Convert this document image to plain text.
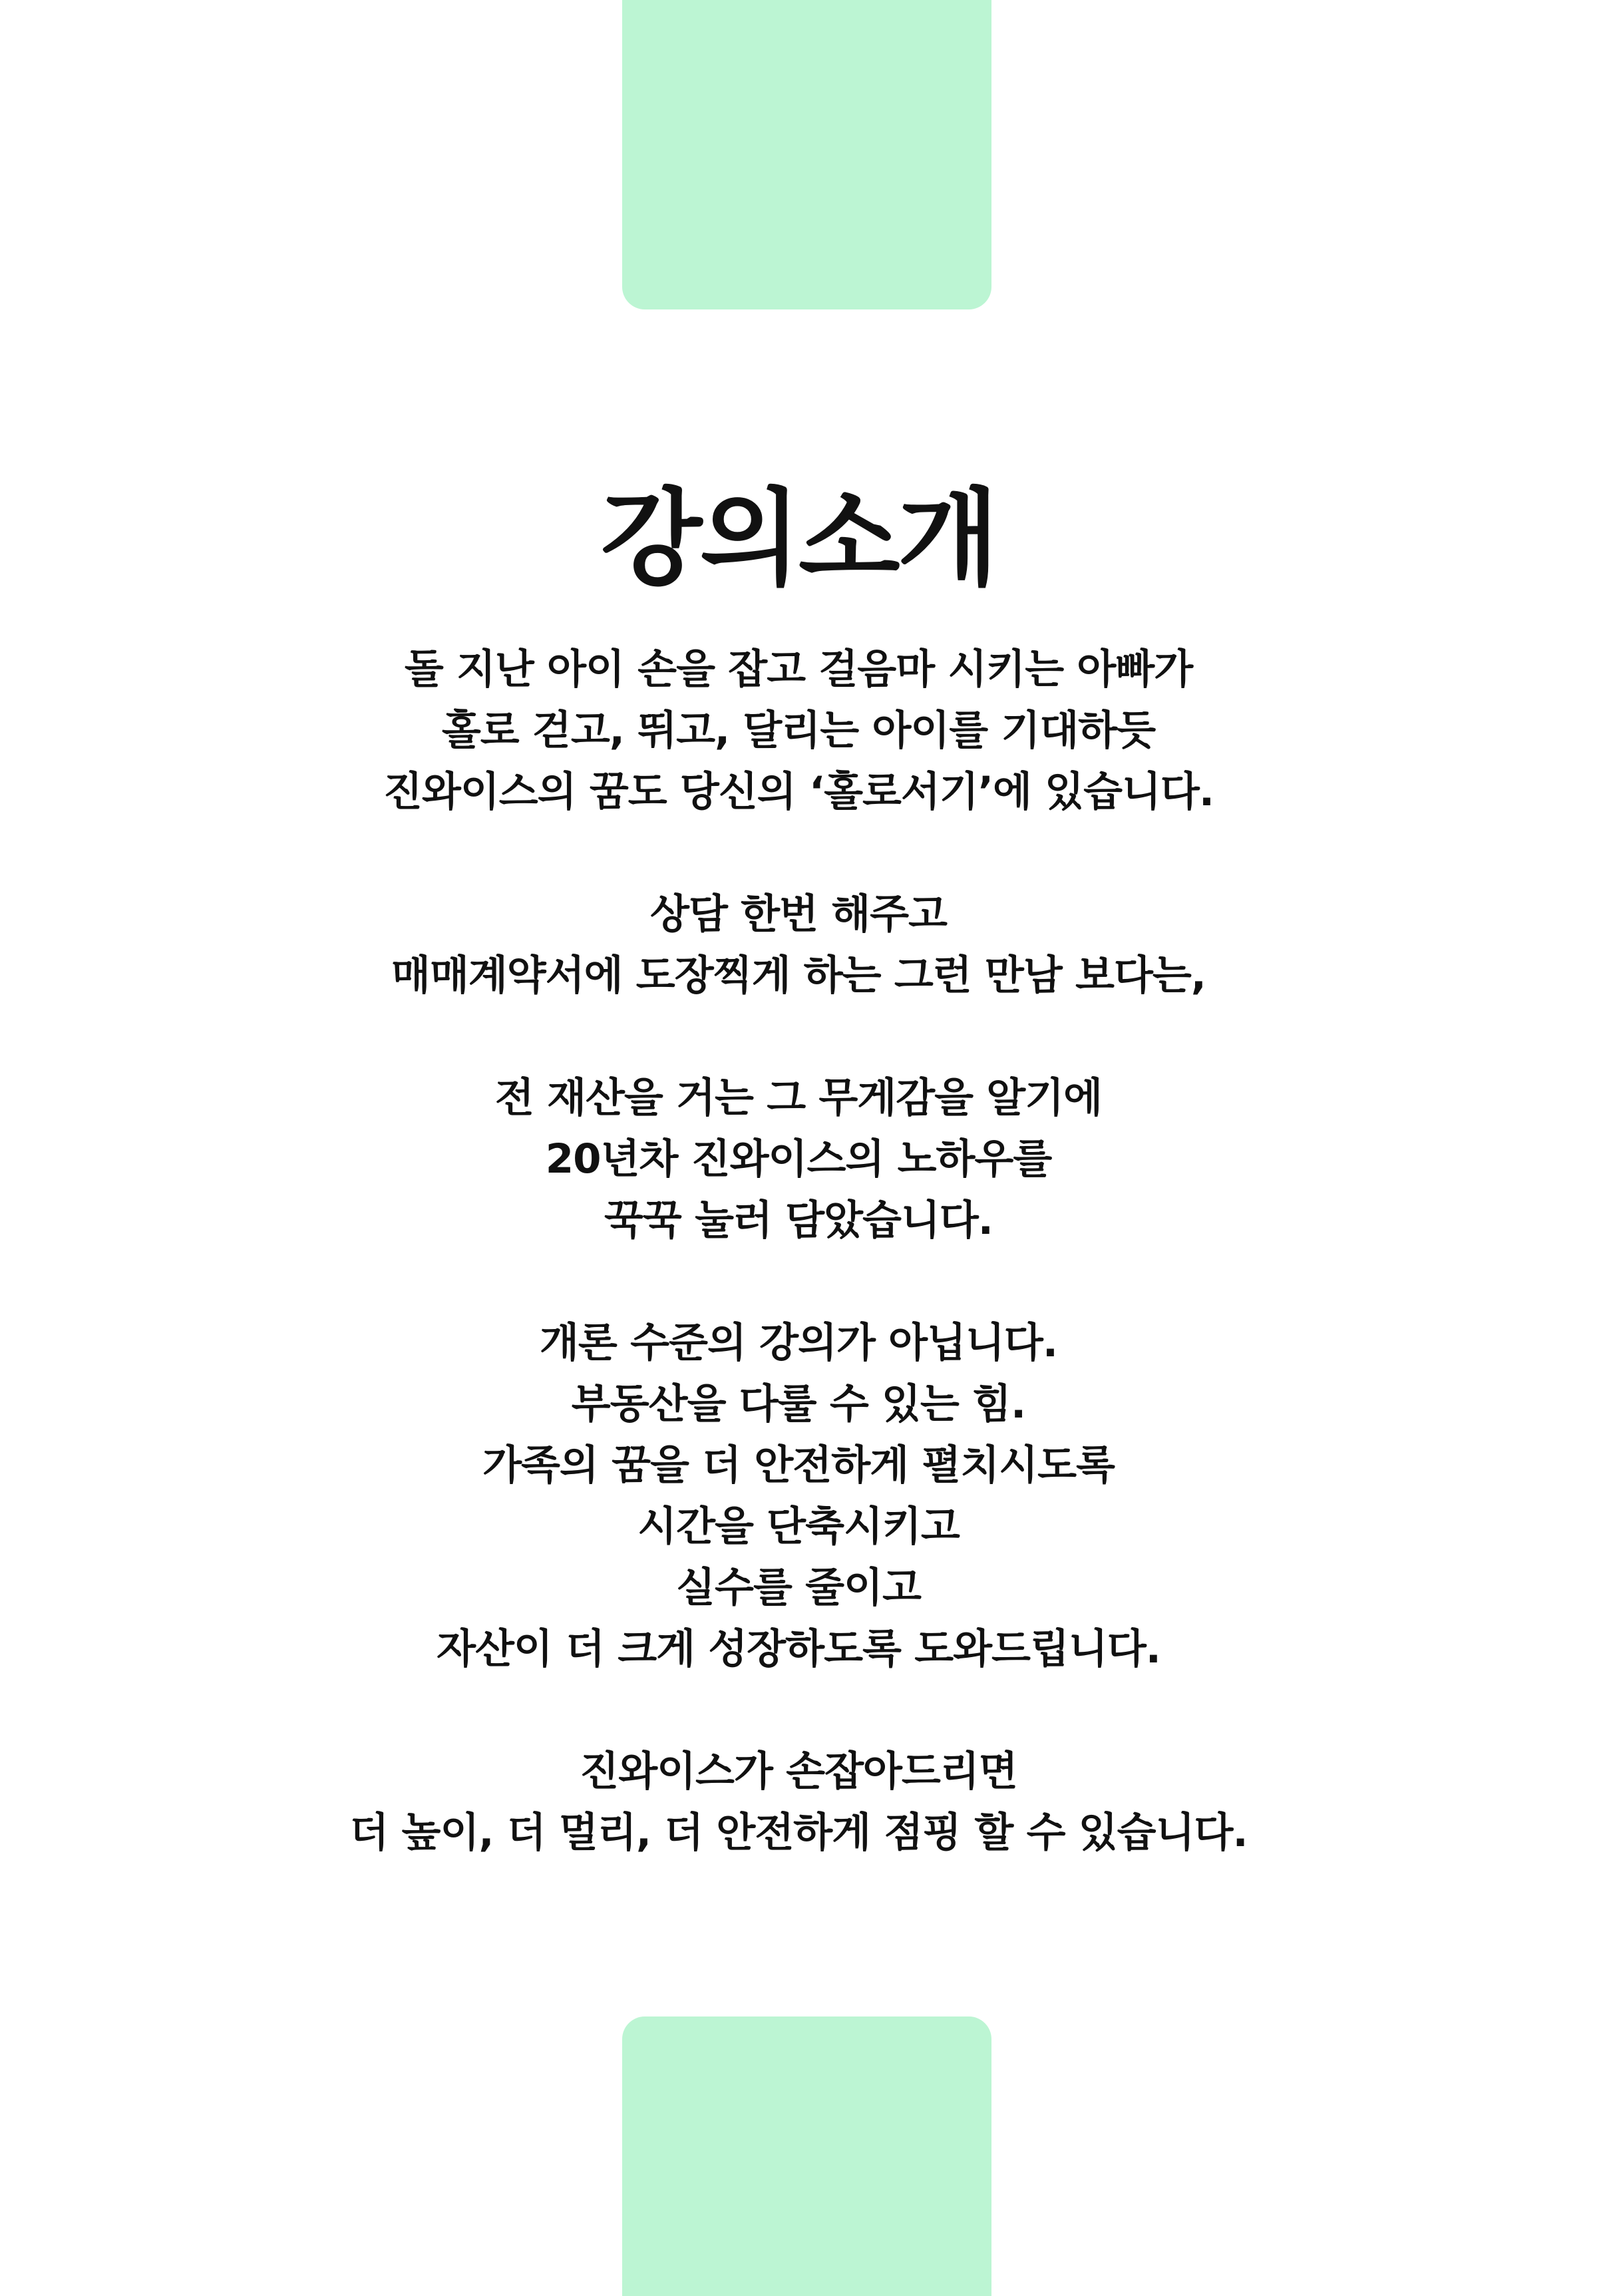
강의소개
돌 지난 아이 손을 잡고 걸음마 시키는 아빠가
홀로 걷고, 뛰고, 달리는 아이를 기대하듯
진와이스의 꿈도 당신의 ‘홀로서기’에 있습니다.
상담 한번 해주고
매매계약서에 도장찍게 하는 그런 만남 보다는,
전 재산을 거는 그 무게감을 알기에
20년차 진와이스의 노하우를
꾹꾹 눌러 담았습니다.
개론 수준의 강의가 아닙니다.
부동산을 다룰 수 있는 힘.
가족의 꿈을 더 안전하게 펼치시도록
시간을 단축시키고
실수를 줄이고
자산이 더 크게 성장하도록 도와드립니다.
진와이스가 손잡아드리면
더 높이, 더 멀리, 더 안전하게 점핑 할 수 있습니다.
